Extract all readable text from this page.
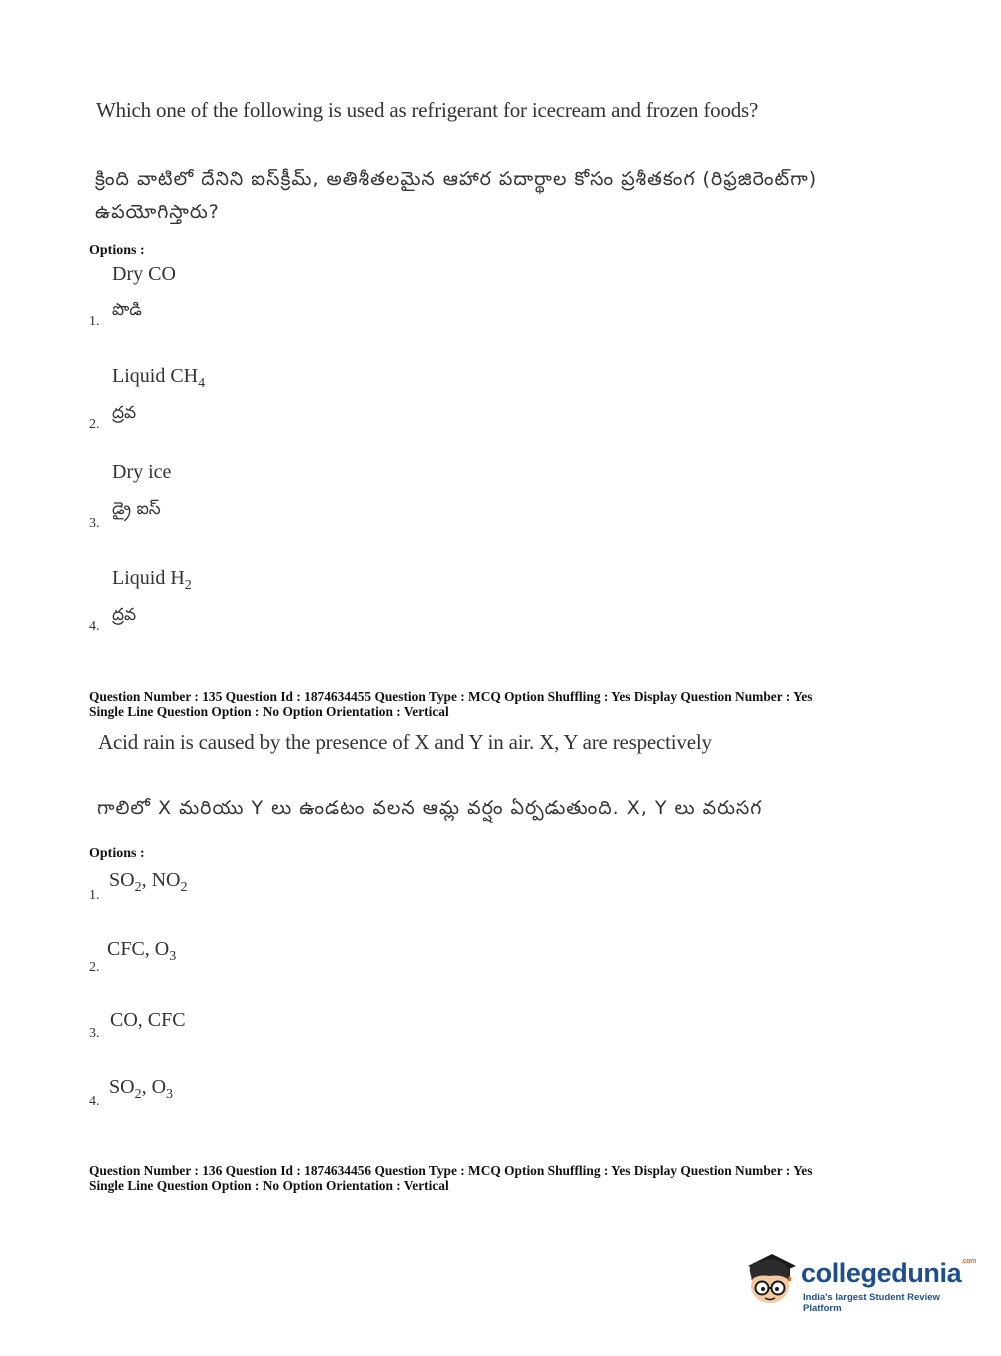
Which one of the following is used as refrigerant for icecream and frozen foods?
క్రింది వాటిలో దేనిని ఐస్‌క్రీమ్, అతిశీతలమైన ఆహార పదార్థాల కోసం ప్రశీతకంగ (రిఫ్రజిరెంట్‌గా)
ఉపయోగిస్తారు?
Options :
Dry CO
పొడి
1.
Liquid $CH_4$
ద్రవ
2.
Dry ice
డ్రై ఐస్
3.
Liquid $H_2$
ద్రవ
4.
Question Number : 135 Question Id : 1874634455 Question Type : MCQ Option Shuffling : Yes Display Question Number : Yes
Single Line Question Option : No Option Orientation : Vertical
Acid rain is caused by the presence of X and Y in air. X, Y are respectively
గాలిలో X మరియు Y లు ఉండటం వలన ఆమ్ల వర్షం ఏర్పడుతుంది. X, Y లు వరుసగ
Options :
$SO_2$, $NO_2$
1.
CFC, $O_3$
2.
CO, CFC
3.
$SO_2$, $O_3$
4.
Question Number : 136 Question Id : 1874634456 Question Type : MCQ Option Shuffling : Yes Display Question Number : Yes
Single Line Question Option : No Option Orientation : Vertical
collegedunia$^{.com}$
India's largest Student Review Platform
